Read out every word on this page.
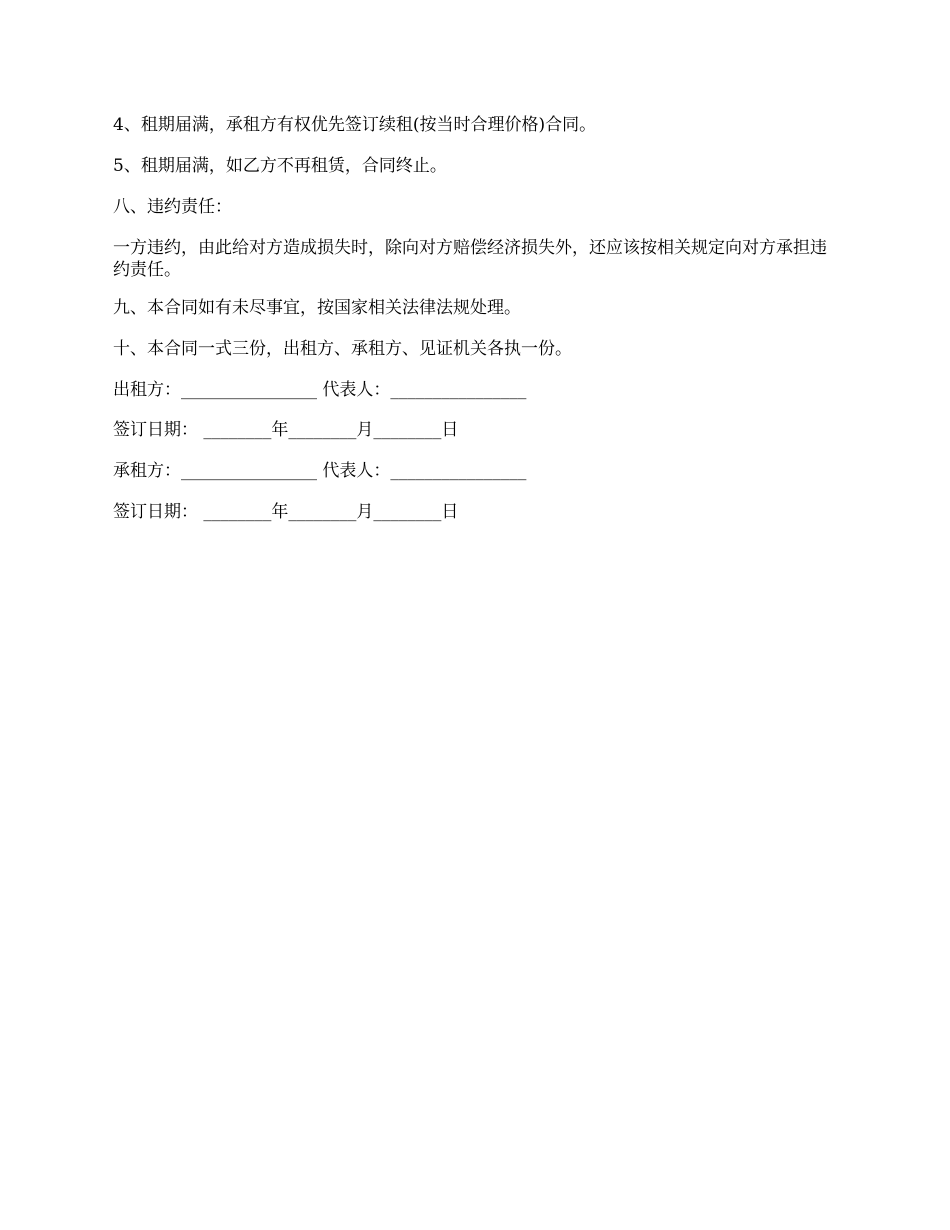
4、租期届满，承租方有权优先签订续租(按当时合理价格)合同。

5、租期届满，如乙方不再租赁，合同终止。

八、违约责任：

一方违约，由此给对方造成损失时，除向对方赔偿经济损失外，还应该按相关规定向对方承担违约责任。

九、本合同如有未尽事宜，按国家相关法律法规处理。

十、本合同一式三份，出租方、承租方、见证机关各执一份。

出租方：________________ 代表人：________________

签订日期： ________年________月________日

承租方：________________ 代表人：________________

签订日期： ________年________月________日
